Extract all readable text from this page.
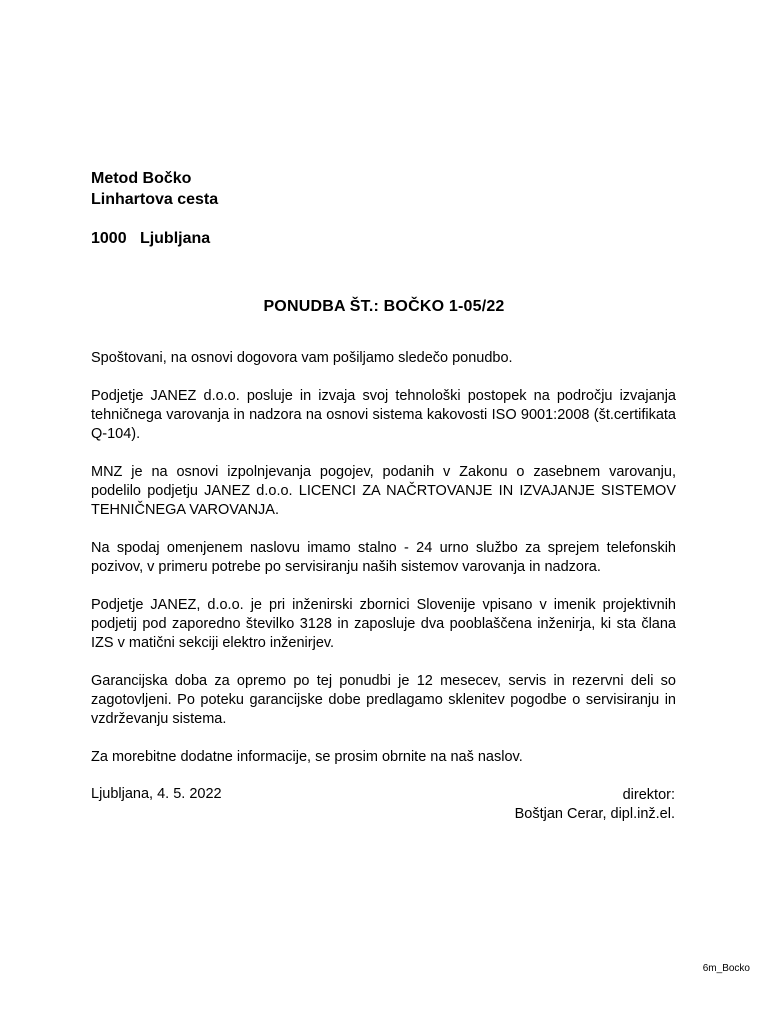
Metod Bočko
Linhartova cesta
1000 Ljubljana
PONUDBA ŠT.: BOČKO 1-05/22

Spoštovani, na osnovi dogovora vam pošiljamo sledečo ponudbo.

Podjetje JANEZ d.o.o. posluje in izvaja svoj tehnološki postopek na področju izvajanja tehničnega varovanja in nadzora na osnovi sistema kakovosti ISO 9001:2008 (št.certifikata Q-104).

MNZ je na osnovi izpolnjevanja pogojev, podanih v Zakonu o zasebnem varovanju, podelilo podjetju JANEZ d.o.o. LICENCI ZA NAČRTOVANJE IN IZVAJANJE SISTEMOV TEHNIČNEGA VAROVANJA.

Na spodaj omenjenem naslovu imamo stalno - 24 urno službo za sprejem telefonskih pozivov, v primeru potrebe po servisiranju naših sistemov varovanja in nadzora.

Podjetje JANEZ, d.o.o. je pri inženirski zbornici Slovenije vpisano v imenik projektivnih podjetij pod zaporedno številko 3128 in zaposluje dva pooblaščena inženirja, ki sta člana IZS v matični sekciji elektro inženirjev.

Garancijska doba za opremo po tej ponudbi je 12 mesecev, servis in rezervni deli so zagotovljeni. Po poteku garancijske dobe predlagamo sklenitev pogodbe o servisiranju in vzdrževanju sistema.

Za morebitne dodatne informacije, se prosim obrnite na naš naslov.

Ljubljana, 4. 5. 2022	direktor:
Boštjan Cerar, dipl.inž.el.
6m_Bocko
